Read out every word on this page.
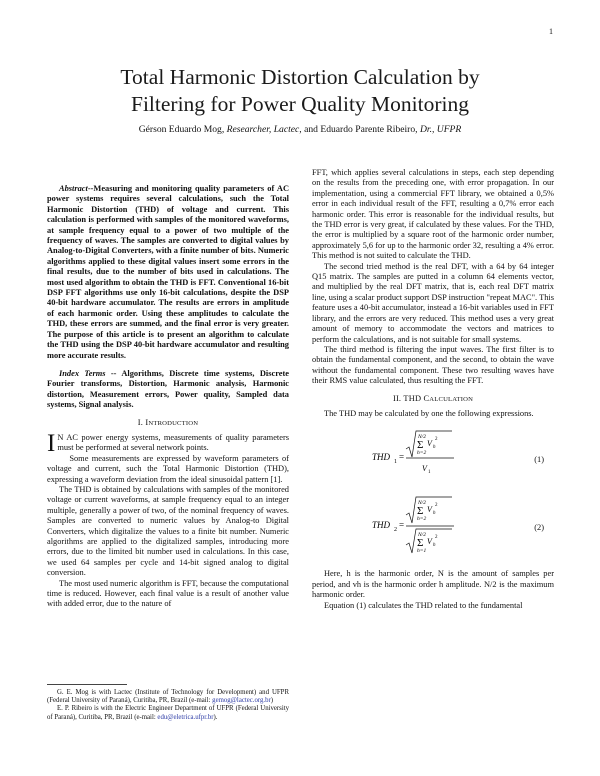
1
Total Harmonic Distortion Calculation by
Filtering for Power Quality Monitoring
Gérson Eduardo Mog, Researcher, Lactec, and Eduardo Parente Ribeiro, Dr., UFPR

Abstract--Measuring and monitoring quality parameters of AC power systems requires several calculations, such the Total Harmonic Distortion (THD) of voltage and current. This calculation is performed with samples of the monitored waveforms, at sample frequency equal to a power of two multiple of the frequency of waves. The samples are converted to digital values by Analog-to-Digital Converters, with a finite number of bits. Numeric algorithms applied to these digital values insert some errors in the final results, due to the number of bits used in calculations. The most used algorithm to obtain the THD is FFT. Conventional 16-bit DSP FFT algorithms use only 16-bit calculations, despite the DSP 40-bit hardware accumulator. The results are errors in amplitude of each harmonic order. Using these amplitudes to calculate the THD, these errors are summed, and the final error is very greater. The purpose of this article is to present an algorithm to calculate the THD using the DSP 40-bit hardware accumulator and resulting more accurate results.

Index Terms -- Algorithms, Discrete time systems, Discrete Fourier transforms, Distortion, Harmonic analysis, Harmonic distortion, Measurement errors, Power quality, Sampled data systems, Signal analysis.

I. INTRODUCTION

I N AC power energy systems, measurements of quality parameters must be performed at several network points.

Some measurements are expressed by waveform parameters of voltage and current, such the Total Harmonic Distortion (THD), expressing a waveform deviation from the ideal sinusoidal pattern [1].

The THD is obtained by calculations with samples of the monitored voltage or current waveforms, at sample frequency equal to an integer multiple, generally a power of two, of the nominal frequency of waves. Samples are converted to numeric values by Analog-to Digital Converters, which digitalize the values to a finite bit number. Numeric algorithms are applied to the digitalized samples, introducing more errors, due to the limited bit number used in calculations. In this case, we used 64 samples per cycle and 14-bit signed analog to digital conversion.

The most used numeric algorithm is FFT, because the computational time is reduced. However, each final value is a result of another value with added error, due to the nature of

FFT, which applies several calculations in steps, each step depending on the results from the preceding one, with error propagation. In our implementation, using a commercial FFT library, we obtained a 0,5% error in each individual result of the FFT, resulting a 0,7% error each harmonic order. This error is reasonable for the individual results, but the THD error is very great, if calculated by these values. For the THD, the error is multiplied by a square root of the harmonic order number, approximately 5,6 for up to the harmonic order 32, resulting a 4% error. This method is not suited to calculate the THD.

The second tried method is the real DFT, with a 64 by 64 integer Q15 matrix. The samples are putted in a column 64 elements vector, and multiplied by the real DFT matrix, that is, each real DFT matrix line, using a scalar product support DSP instruction "repeat MAC". This feature uses a 40-bit accumulator, instead a 16-bit variables used in FFT library, and the errors are very reduced. This method uses a very great amount of memory to accommodate the vectors and matrices to perform the calculations, and is not suitable for small systems.

The third method is filtering the input waves. The first filter is to obtain the fundamental component, and the second, to obtain the wave without the fundamental component. These two resulting waves have their RMS value calculated, thus resulting the FFT.

II. THD CALCULATION

The THD may be calculated by one the following expressions.

THD 1 =
N/2
Σ
h=2
V h
2
V 1
(1)
THD 2 =
N/2
Σ
h=2
V h
2
N/2
Σ
h=1
V h
2
(2)

Here, h is the harmonic order, N is the amount of samples per period, and vh is the harmonic order h amplitude. N/2 is the maximum harmonic order.

Equation (1) calculates the THD related to the fundamental

G. E. Mog is with Lactec (Institute of Technology for Development) and UFPR (Federal University of Paraná), Curitiba, PR, Brazil (e-mail: gemog@lactec.org.br)

E. P. Ribeiro is with the Electric Engineer Department of UFPR (Federal University of Paraná), Curitiba, PR, Brazil (e-mail: edu@eletrica.ufpr.br).
